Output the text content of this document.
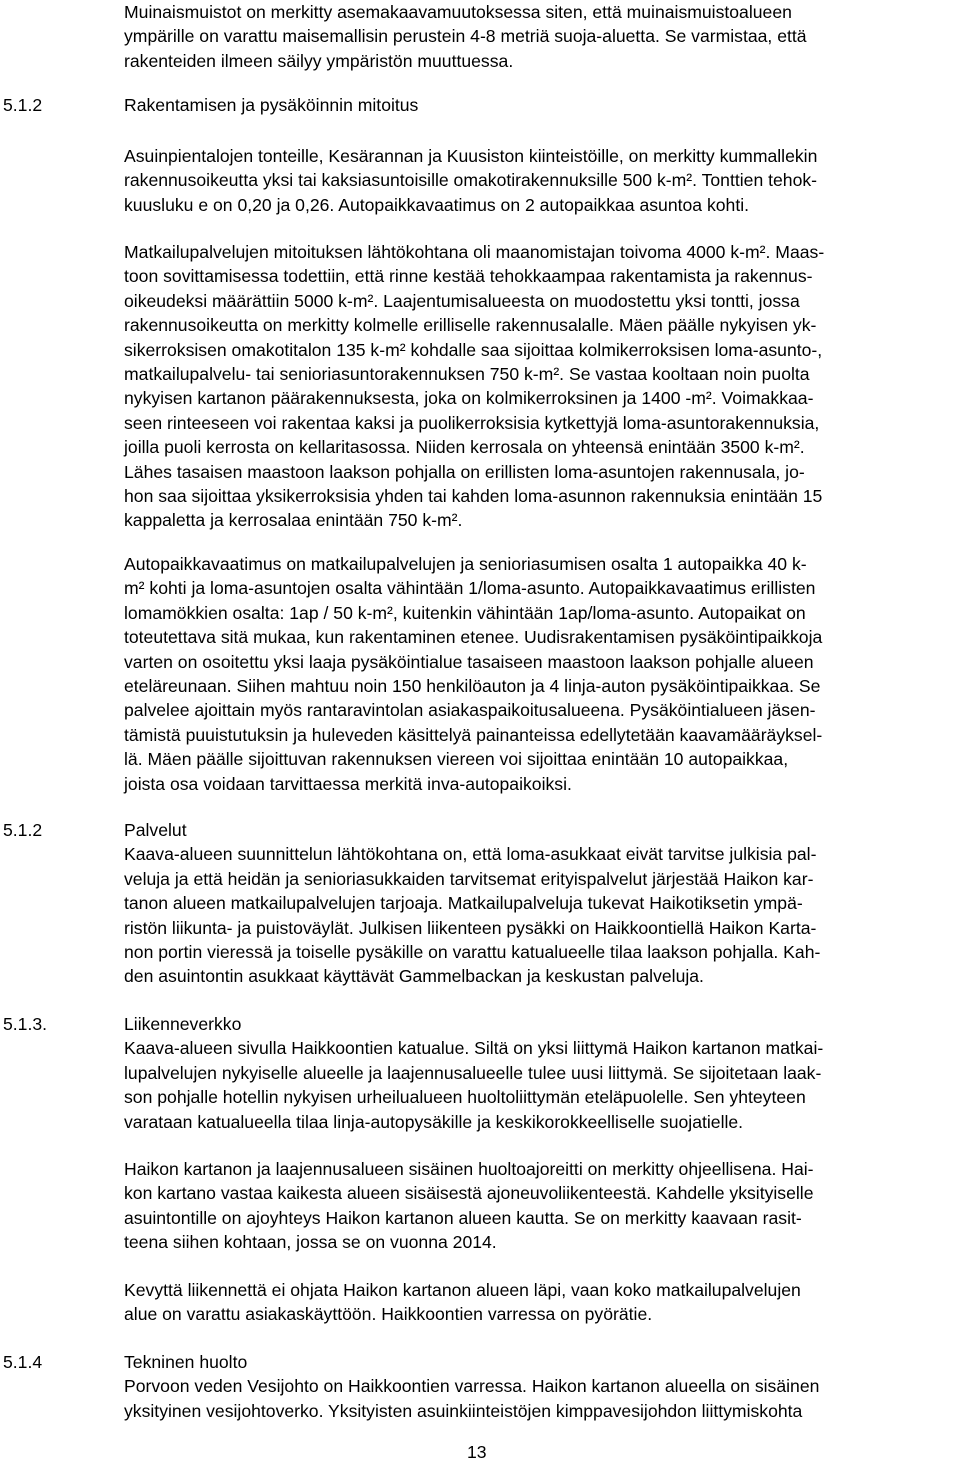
Muinaismuistot on merkitty asemakaavamuutoksessa siten, että muinaismuistoalueen
ympärille on varattu maisemallisin perustein 4-8 metriä suoja-aluetta. Se varmistaa, että
rakenteiden ilmeen säilyy ympäristön muuttuessa.
5.1.2	Rakentamisen ja pysäköinnin mitoitus
Asuinpientalojen tonteille, Kesärannan ja Kuusiston kiinteistöille, on merkitty kummallekin
rakennusoikeutta yksi tai kaksiasuntoisille omakotirakennuksille 500 k-m². Tonttien tehok-
kuusluku e on 0,20 ja 0,26. Autopaikkavaatimus on 2 autopaikkaa asuntoa kohti.
Matkailupalvelujen mitoituksen lähtökohtana oli maanomistajan toivoma 4000 k-m². Maas-
toon sovittamisessa todettiin, että rinne kestää tehokkaampaa rakentamista ja rakennus-
oikeudeksi määrättiin 5000 k-m². Laajentumisalueesta on muodostettu yksi tontti, jossa
rakennusoikeutta on merkitty kolmelle erilliselle rakennusalalle. Mäen päälle nykyisen yk-
sikerroksisen omakotitalon 135 k-m² kohdalle saa sijoittaa kolmikerroksisen loma-asunto-,
matkailupalvelu- tai senioriasuntorakennuksen 750 k-m². Se vastaa kooltaan noin puolta
nykyisen kartanon päärakennuksesta, joka on kolmikerroksinen ja 1400 -m². Voimakkaa-
seen rinteeseen voi rakentaa kaksi ja puolikerroksisia kytkettyjä loma-asuntorakennuksia,
joilla puoli kerrosta on kellaritasossa. Niiden kerrosala on yhteensä enintään 3500 k-m².
Lähes tasaisen maastoon laakson pohjalla on erillisten loma-asuntojen rakennusala, jo-
hon saa sijoittaa yksikerroksisia yhden tai kahden loma-asunnon rakennuksia enintään 15
kappaletta ja kerrosalaa enintään 750 k-m².
Autopaikkavaatimus on matkailupalvelujen ja senioriasumisen osalta 1 autopaikka 40 k-
m² kohti ja loma-asuntojen osalta vähintään 1/loma-asunto. Autopaikkavaatimus erillisten
lomamökkien osalta: 1ap / 50 k-m², kuitenkin vähintään 1ap/loma-asunto. Autopaikat on
toteutettava sitä mukaa, kun rakentaminen etenee. Uudisrakentamisen pysäköintipaikkoja
varten on osoitettu yksi laaja pysäköintialue tasaiseen maastoon laakson pohjalle alueen
eteläreunaan. Siihen mahtuu noin 150 henkilöauton ja 4 linja-auton pysäköintipaikkaa. Se
palvelee ajoittain myös rantaravintolan asiakaspaikoitusalueena. Pysäköintialueen jäsen-
tämistä puuistutuksin ja huleveden käsittelyä painanteissa edellytetään kaavamääräyksel-
lä. Mäen päälle sijoittuvan rakennuksen viereen voi sijoittaa enintään 10 autopaikkaa,
joista osa voidaan tarvittaessa merkitä inva-autopaikoiksi.
5.1.2	Palvelut
Kaava-alueen suunnittelun lähtökohtana on, että loma-asukkaat eivät tarvitse julkisia pal-
veluja ja että heidän ja senioriasukkaiden tarvitsemat erityispalvelut järjestää Haikon kar-
tanon alueen matkailupalvelujen tarjoaja. Matkailupalveluja tukevat Haikotiksetin ympä-
ristön liikunta- ja puistoväylät. Julkisen liikenteen pysäkki on Haikkoontiellä Haikon Karta-
non portin vieressä ja toiselle pysäkille on varattu katualueelle tilaa laakson pohjalla. Kah-
den asuintontin asukkaat käyttävät Gammelbackan ja keskustan palveluja.
5.1.3.	Liikenneverkko
Kaava-alueen sivulla Haikkoontien katualue. Siltä on yksi liittymä Haikon kartanon matkai-
lupalvelujen nykyiselle alueelle ja laajennusalueelle tulee uusi liittymä. Se sijoitetaan laak-
son pohjalle hotellin nykyisen urheilualueen huoltoliittymän eteläpuolelle. Sen yhteyteen
varataan katualueella tilaa linja-autopysäkille ja keskikorokkeelliselle suojatielle.
Haikon kartanon ja laajennusalueen sisäinen huoltoajoreitti on merkitty ohjeellisena. Hai-
kon kartano vastaa kaikesta alueen sisäisestä ajoneuvoliikenteestä. Kahdelle yksityiselle
asuintontille on ajoyhteys Haikon kartanon alueen kautta. Se on merkitty kaavaan rasit-
teena siihen kohtaan, jossa se on vuonna 2014.
Kevyttä liikennettä ei ohjata Haikon kartanon alueen läpi, vaan koko matkailupalvelujen
alue on varattu asiakaskäyttöön. Haikkoontien varressa on pyörätie.
5.1.4	Tekninen huolto
Porvoon veden Vesijohto on Haikkoontien varressa. Haikon kartanon alueella on sisäinen
yksityinen vesijohtoverko. Yksityisten asuinkiinteistöjen kimppavesijohdon liittymiskohta
13
